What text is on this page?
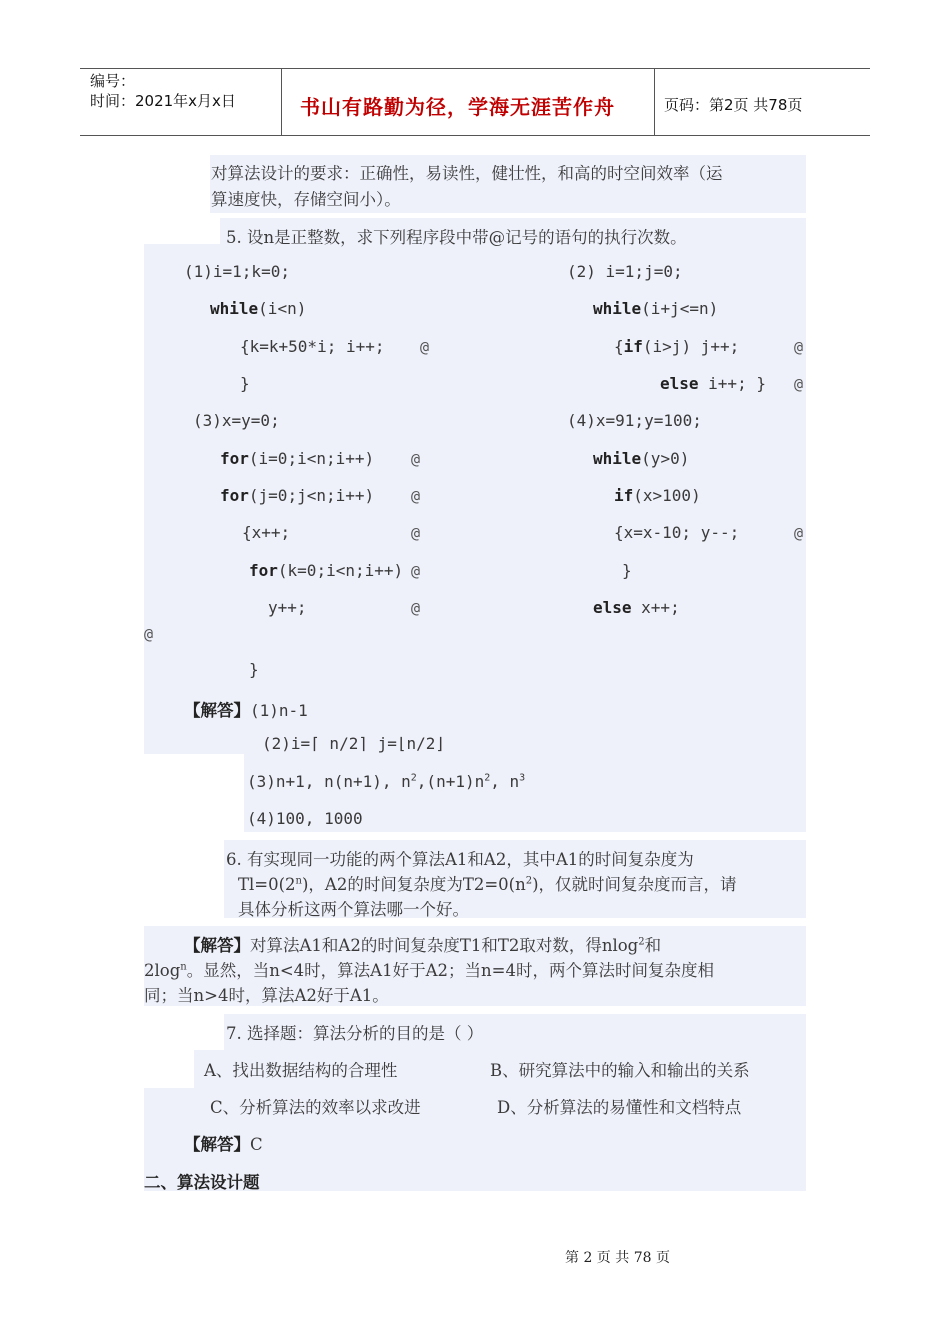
编号：
时间：2021年x月x日	书山有路勤为径，学海无涯苦作舟	页码：第2页 共78页
对算法设计的要求：正确性，易读性，健壮性，和高的时空间效率（运
算速度快，存储空间小）。
5. 设n是正整数，求下列程序段中带@记号的语句的执行次数。
(1)i=1;k=0;
while(i<n)
{k=k+50*i; i++; @
}
(2) i=1;j=0;
while(i+j<=n)
{if(i>j) j++;	@
else i++; } @
(3)x=y=0;
for(i=0;i<n;i++) @
for(j=0;j<n;i++) @
{x++;	@
for(k=0;i<n;i++) @
y++;	@
@
}
(4)x=91;y=100;
while(y>0)
if(x>100)
{x=x-10; y--;	@
}
else x++;
【解答】(1)n-1
(2)i=⌈ n/2⌉ j=⌊n/2⌋
(3)n+1, n(n+1), $n^2,(n+1)n^2$, $n^3$
(4)100, 1000
6. 有实现同一功能的两个算法A1和A2，其中A1的时间复杂度为
$Tl=0(2^n)$，A2的时间复杂度为$T2=0(n^2)$，仅就时间复杂度而言，请
具体分析这两个算法哪一个好。
【解答】对算法A1和A2的时间复杂度T1和T2取对数，得nlog$^2$和
$2\log^n$。显然，当n<4时，算法A1好于A2；当n=4时，两个算法时间复杂度相
同；当n>4时，算法A2好于A1。
7. 选择题：算法分析的目的是（ ）
A、找出数据结构的合理性	B、研究算法中的输入和输出的关系
C、分析算法的效率以求改进	D、分析算法的易懂性和文档特点
【解答】C
二、算法设计题
第 2 页 共 78 页
